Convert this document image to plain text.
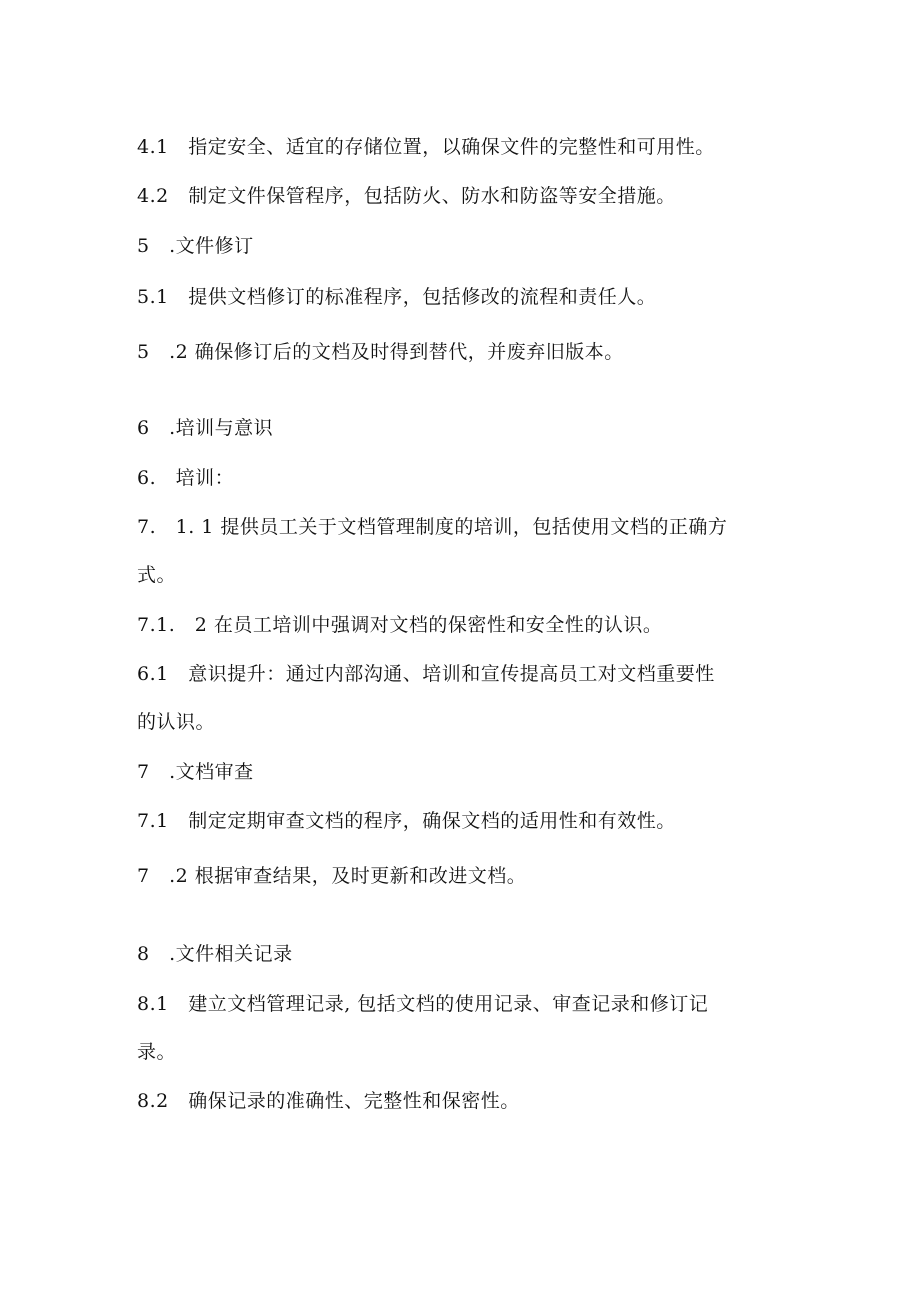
4.1　指定安全、适宜的存储位置，以确保文件的完整性和可用性。
4.2　制定文件保管程序，包括防火、防水和防盗等安全措施。
5　.文件修订
5.1　提供文档修订的标准程序，包括修改的流程和责任人。
5　.2 确保修订后的文档及时得到替代，并废弃旧版本。
6　.培训与意识
6.　培训：
7.　1. 1 提供员工关于文档管理制度的培训，包括使用文档的正确方
式。
7.1.　2 在员工培训中强调对文档的保密性和安全性的认识。
6.1　意识提升：通过内部沟通、培训和宣传提高员工对文档重要性
的认识。
7　.文档审查
7.1　制定定期审查文档的程序，确保文档的适用性和有效性。
7　.2 根据审查结果，及时更新和改进文档。
8　.文件相关记录
8.1　建立文档管理记录, 包括文档的使用记录、审查记录和修订记
录。
8.2　确保记录的准确性、完整性和保密性。
